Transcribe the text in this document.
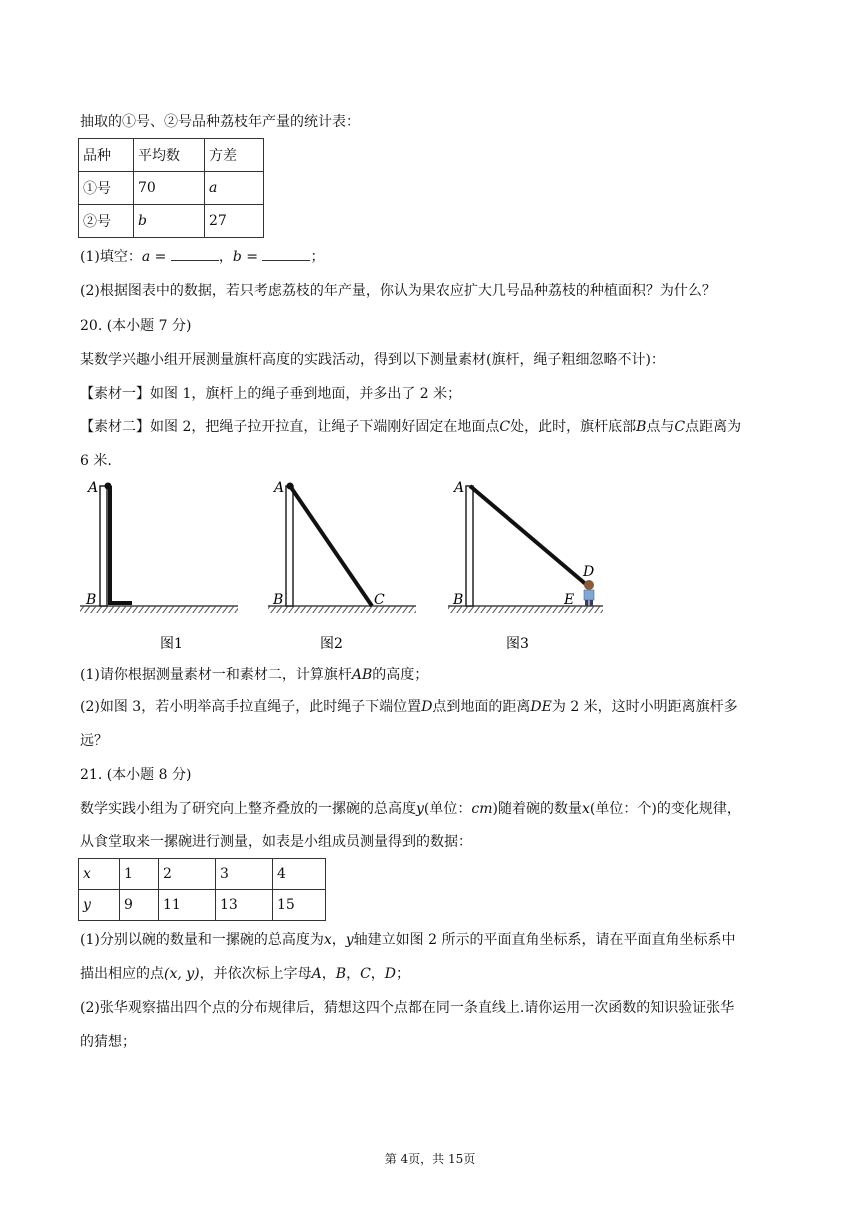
抽取的①号、②号品种荔枝年产量的统计表：
品种	平均数	方差
①号	70	a
②号	b	27
(1)填空：a =	，b =	；
(2)根据图表中的数据，若只考虑荔枝的年产量，你认为果农应扩大几号品种荔枝的种植面积？为什么？
20. (本小题 7 分)
某数学兴趣小组开展测量旗杆高度的实践活动，得到以下测量素材(旗杆，绳子粗细忽略不计)：
【素材一】如图 1，旗杆上的绳子垂到地面，并多出了 2 米；
【素材二】如图 2，把绳子拉开拉直，让绳子下端刚好固定在地面点C处，此时，旗杆底部B点与C点距离为
6 米.
A
B
图1
A
B	C
图2
A
B
D
E
图3
(1)请你根据测量素材一和素材二，计算旗杆AB的高度；
(2)如图 3，若小明举高手拉直绳子，此时绳子下端位置D点到地面的距离DE为 2 米，这时小明距离旗杆多
远？
21. (本小题 8 分)
数学实践小组为了研究向上整齐叠放的一摞碗的总高度y(单位：cm)随着碗的数量x(单位：个)的变化规律，
从食堂取来一摞碗进行测量，如表是小组成员测量得到的数据：
x	1	2	3	4
y	9	11	13	15
(1)分别以碗的数量和一摞碗的总高度为x，y轴建立如图 2 所示的平面直角坐标系，请在平面直角坐标系中
描出相应的点(x, y)，并依次标上字母A，B，C，D；
(2)张华观察描出四个点的分布规律后，猜想这四个点都在同一条直线上.请你运用一次函数的知识验证张华
的猜想；
第 4页，共 15页
